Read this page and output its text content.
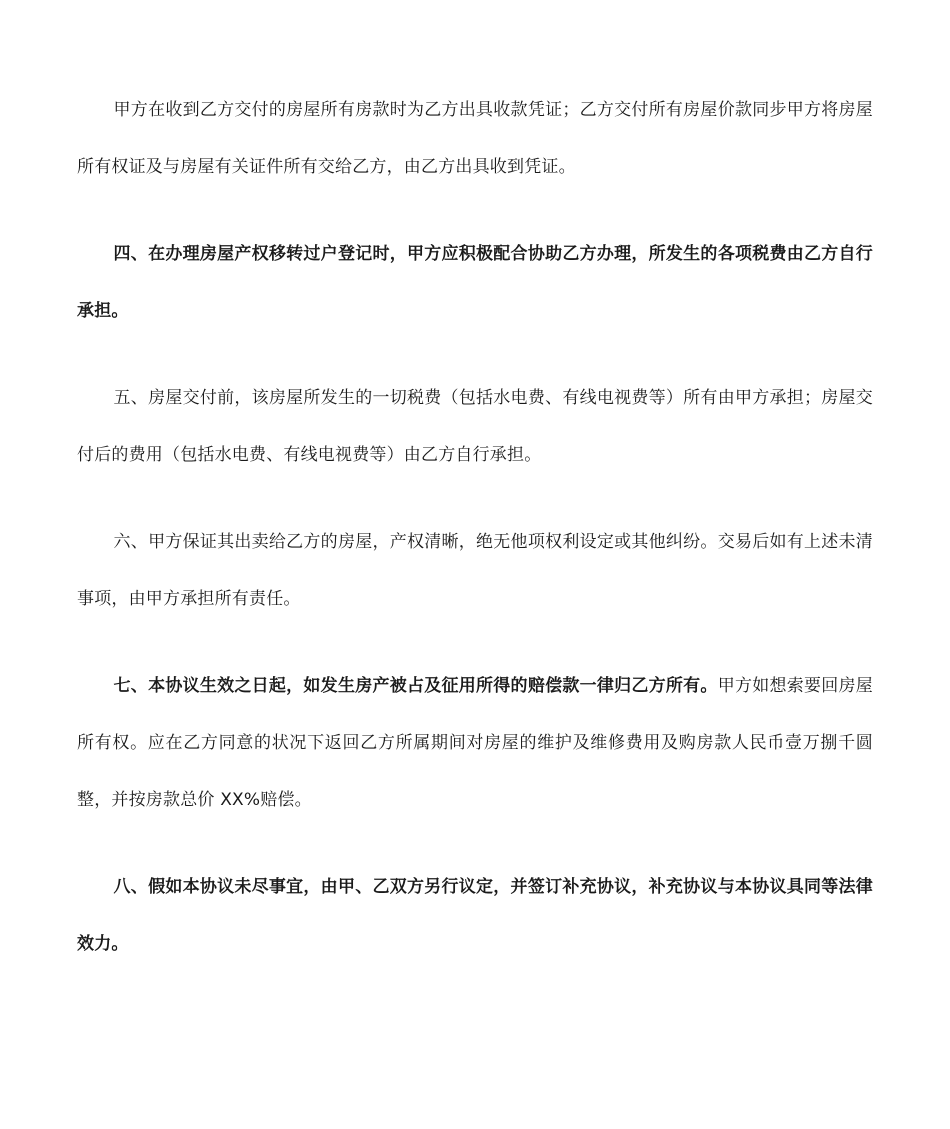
甲方在收到乙方交付的房屋所有房款时为乙方出具收款凭证；乙方交付所有房屋价款同步甲方将房屋所有权证及与房屋有关证件所有交给乙方，由乙方出具收到凭证。

四、在办理房屋产权移转过户登记时，甲方应积极配合协助乙方办理，所发生的各项税费由乙方自行承担。

五、房屋交付前，该房屋所发生的一切税费（包括水电费、有线电视费等）所有由甲方承担；房屋交付后的费用（包括水电费、有线电视费等）由乙方自行承担。

六、甲方保证其出卖给乙方的房屋，产权清晰，绝无他项权利设定或其他纠纷。交易后如有上述未清事项，由甲方承担所有责任。

七、本协议生效之日起，如发生房产被占及征用所得的赔偿款一律归乙方所有。甲方如想索要回房屋所有权。应在乙方同意的状况下返回乙方所属期间对房屋的维护及维修费用及购房款人民币壹万捌千圆整，并按房款总价 XX%赔偿。

八、假如本协议未尽事宜，由甲、乙双方另行议定，并签订补充协议，补充协议与本协议具同等法律效力。
